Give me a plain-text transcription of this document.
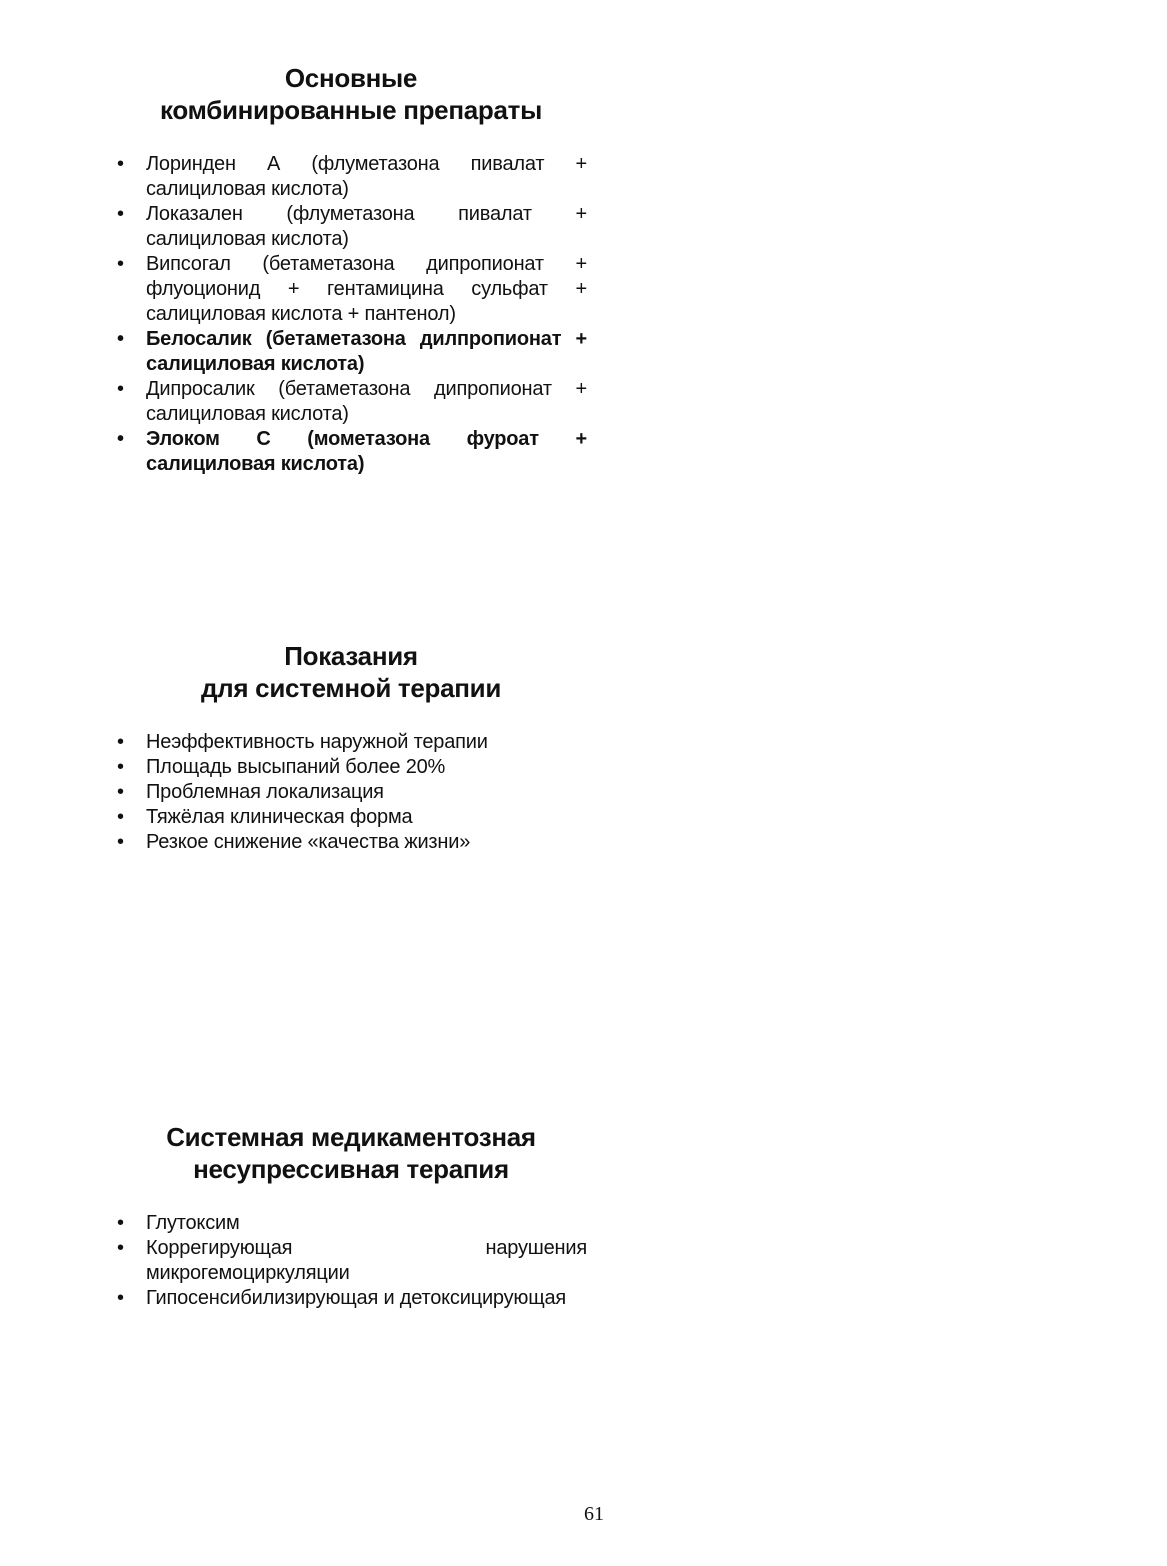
Основные
комбинированные препараты
• Лоринден А (флуметазона пивалат + салициловая кислота)
• Локазален (флуметазона пивалат + салициловая кислота)
• Випсогал (бетаметазона дипропионат + флуоционид + гентамицина сульфат + салициловая кислота + пантенол)
• Белосалик (бетаметазона дилпропионат + салициловая кислота)
• Дипросалик (бетаметазона дипропионат + салициловая кислота)
• Элоком С (мометазона фуроат + салициловая кислота)
Показания
для системной терапии
• Неэффективность наружной терапии
• Площадь высыпаний более 20%
• Проблемная локализация
• Тяжёлая клиническая форма
• Резкое снижение «качества жизни»
Системная медикаментозная
несупрессивная терапия
• Глутоксим
• Коррегирующая нарушения микрогемоциркуляции
• Гипосенсибилизирующая и детоксицирующая
61
